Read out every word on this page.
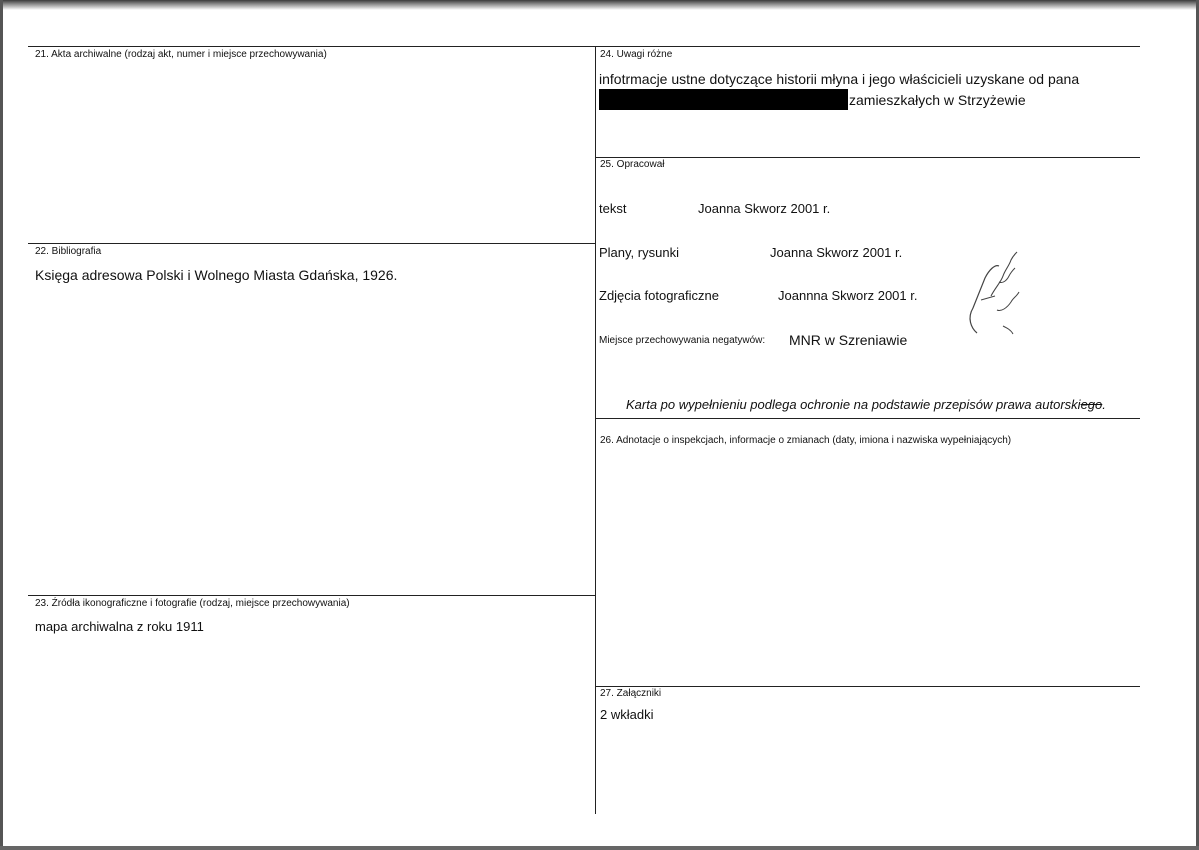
21. Akta archiwalne (rodzaj akt, numer i miejsce przechowywania)
22. Bibliografia
Księga adresowa Polski i Wolnego Miasta Gdańska, 1926.
23. Źródła ikonograficzne i fotografie (rodzaj, miejsce przechowywania)
mapa archiwalna z roku 1911
24. Uwagi różne
infotrmacje ustne dotyczące historii młyna i jego właścicieli uzyskane od pana
zamieszkałych w Strzyżewie
25. Opracował
tekst	Joanna Skworz 2001 r.
Plany, rysunki	Joanna Skworz 2001 r.
Zdjęcia fotograficzne	Joannna Skworz 2001 r.
Miejsce przechowywania negatywów: MNR w Szreniawie
Karta po wypełnieniu podlega ochronie na podstawie przepisów prawa autorskiego.
26. Adnotacje o inspekcjach, informacje o zmianach (daty, imiona i nazwiska wypełniających)
27. Załączniki
2 wkładki
